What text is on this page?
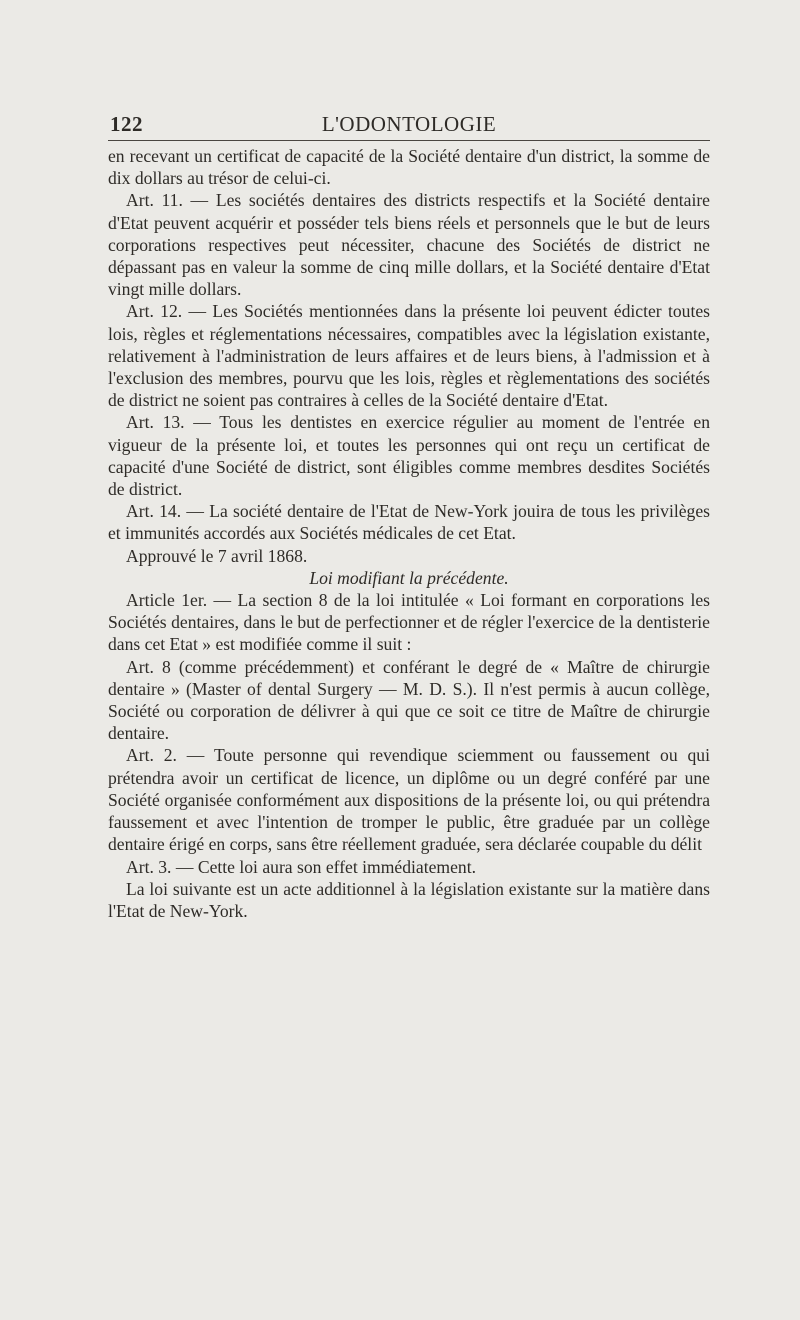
122	L'ODONTOLOGIE

en recevant un certificat de capacité de la Société dentaire d'un district, la somme de dix dollars au trésor de celui-ci.

Art. 11. — Les sociétés dentaires des districts respectifs et la Société dentaire d'Etat peuvent acquérir et posséder tels biens réels et personnels que le but de leurs corporations respectives peut nécessiter, chacune des Sociétés de district ne dépassant pas en valeur la somme de cinq mille dollars, et la Société dentaire d'Etat vingt mille dollars.

Art. 12. — Les Sociétés mentionnées dans la présente loi peuvent édicter toutes lois, règles et réglementations nécessaires, compatibles avec la législation existante, relativement à l'administration de leurs affaires et de leurs biens, à l'admission et à l'exclusion des membres, pourvu que les lois, règles et règlementations des sociétés de district ne soient pas contraires à celles de la Société dentaire d'Etat.

Art. 13. — Tous les dentistes en exercice régulier au moment de l'entrée en vigueur de la présente loi, et toutes les personnes qui ont reçu un certificat de capacité d'une Société de district, sont éligibles comme membres desdites Sociétés de district.

Art. 14. — La société dentaire de l'Etat de New-York jouira de tous les privilèges et immunités accordés aux Sociétés médicales de cet Etat.

Approuvé le 7 avril 1868.

Loi modifiant la précédente.

Article 1er. — La section 8 de la loi intitulée « Loi formant en corporations les Sociétés dentaires, dans le but de perfectionner et de régler l'exercice de la dentisterie dans cet Etat » est modifiée comme il suit :

Art. 8 (comme précédemment) et conférant le degré de « Maître de chirurgie dentaire » (Master of dental Surgery — M. D. S.). Il n'est permis à aucun collège, Société ou corporation de délivrer à qui que ce soit ce titre de Maître de chirurgie dentaire.

Art. 2. — Toute personne qui revendique sciemment ou faussement ou qui prétendra avoir un certificat de licence, un diplôme ou un degré conféré par une Société organisée conformément aux dispositions de la présente loi, ou qui prétendra faussement et avec l'intention de tromper le public, être graduée par un collège dentaire érigé en corps, sans être réellement graduée, sera déclarée coupable du délit

Art. 3. — Cette loi aura son effet immédiatement.

La loi suivante est un acte additionnel à la législation existante sur la matière dans l'Etat de New-York.
